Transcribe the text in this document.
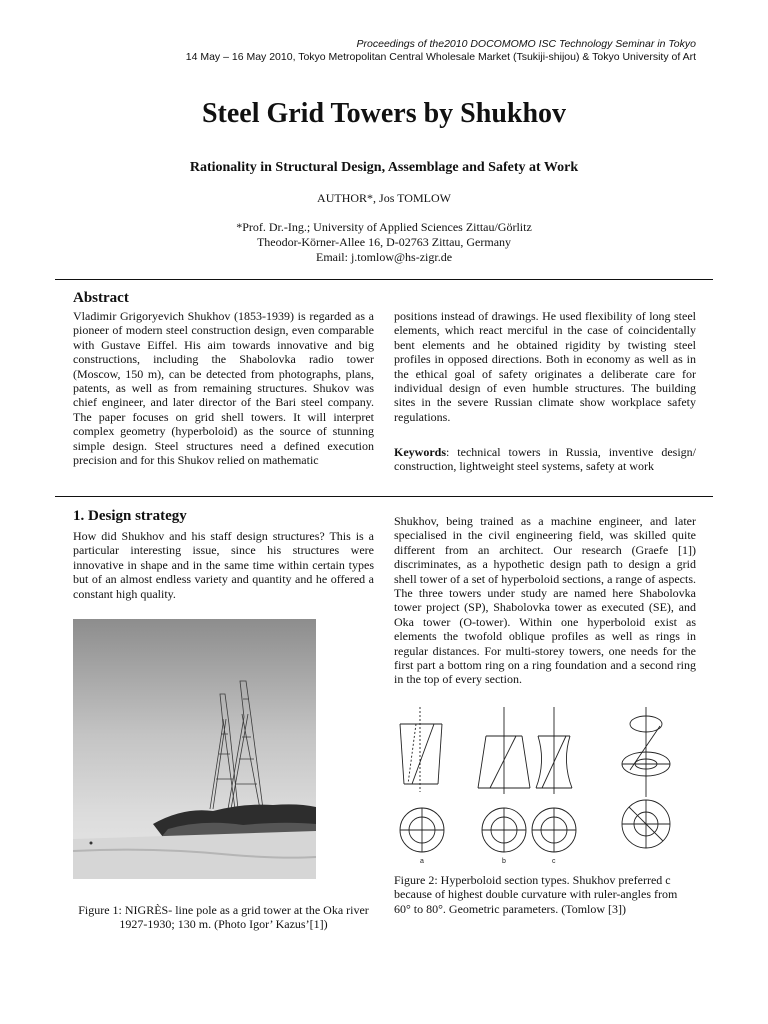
Proceedings of the2010 DOCOMOMO ISC Technology Seminar in Tokyo
14 May – 16 May 2010, Tokyo Metropolitan Central Wholesale Market (Tsukiji-shijou) & Tokyo University of Art
Steel Grid Towers by Shukhov
Rationality in Structural Design, Assemblage and Safety at Work
AUTHOR*, Jos TOMLOW
*Prof. Dr.-Ing.; University of Applied Sciences Zittau/Görlitz
Theodor-Körner-Allee 16, D-02763 Zittau, Germany
Email: j.tomlow@hs-zigr.de
Abstract

Vladimir Grigoryevich Shukhov (1853-1939) is regarded as a pioneer of modern steel construction design, even comparable with Gustave Eiffel. His aim towards innovative and big constructions, including the Shabolovka radio tower (Moscow, 150 m), can be detected from photographs, plans, patents, as well as from remaining structures. Shukov was chief engineer, and later director of the Bari steel company. The paper focuses on grid shell towers. It will interpret complex geometry (hyperboloid) as the source of stunning simple design. Steel structures need a defined execution precision and for this Shukov relied on mathematic

positions instead of drawings. He used flexibility of long steel elements, which react merciful in the case of coincidentally bent elements and he obtained rigidity by twisting steel profiles in opposed directions. Both in economy as well as in the ethical goal of safety originates a deliberate care for individual design of even humble structures. The building sites in the severe Russian climate show workplace safety regulations.

Keywords: technical towers in Russia, inventive design/ construction, lightweight steel systems, safety at work

1. Design strategy

How did Shukhov and his staff design structures? This is a particular interesting issue, since his structures were innovative in shape and in the same time within certain types but of an almost endless variety and quantity and he offered a constant high quality.

Shukhov, being trained as a machine engineer, and later specialised in the civil engineering field, was skilled quite different from an architect. Our research (Graefe [1]) discriminates, as a hypothetic design path to design a grid shell tower of a set of hyperboloid sections, a range of aspects. The three towers under study are named here Shabolovka tower project (SP), Shabolovka tower as executed (SE), and Oka tower (O-tower). Within one hyperboloid exist as elements the twofold oblique profiles as well as rings in regular distances. For multi-storey towers, one needs for the first part a bottom ring on a ring foundation and a second ring in the top of every section.

Figure 1: NIGRÈS- line pole as a grid tower at the Oka river 1927-1930; 130 m. (Photo Igor’ Kazus’[1])
a	b	c
Figure 2: Hyperboloid section types. Shukhov preferred c because of highest double curvature with ruler-angles from 60° to 80°. Geometric parameters. (Tomlow [3])
